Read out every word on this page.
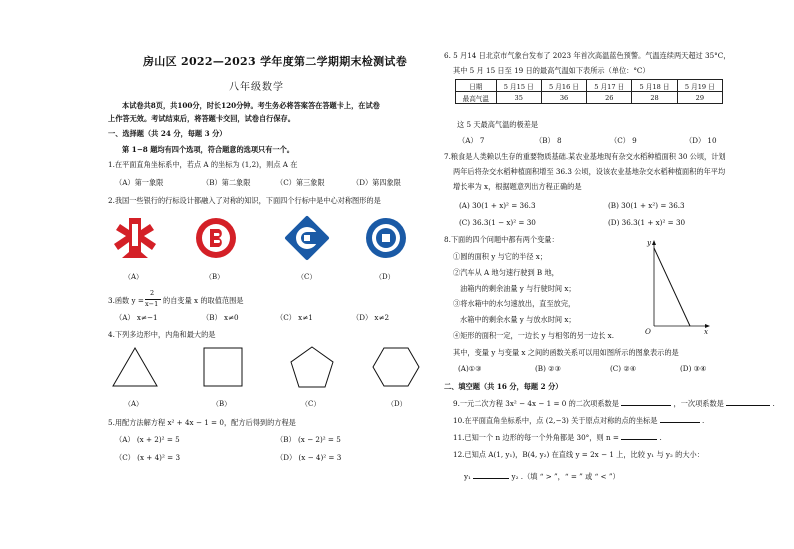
房山区 2022—2023 学年度第二学期期末检测试卷
八年级数学
本试卷共8页，共100分，时长120分钟。考生务必将答案答在答题卡上，在试卷
上作答无效。考试结束后，将答题卡交回，试卷自行保存。
一、选择题（共 24 分，每题 3 分）
第 1−8 题均有四个选项，符合题意的选项只有一个。
1.在平面直角坐标系中，若点 A 的坐标为 (1,2)，则点 A 在
（A）第一象限	（B）第二象限	（C）第三象限	（D）第四象限
2.我国一些银行的行标设计都融入了对称的知识，下面四个行标中是中心对称图形的是
（A）	（B）	（C）	（D）
3.函数 y =
2
x−1 的自变量 x 的取值范围是
（A） x≠−1	（B） x≠0	（C） x≠1	（D） x≠2
4.下列多边形中，内角和最大的是
（A）	（B）	（C）	（D）
5.用配方法解方程 x² + 4x − 1 = 0，配方后得到的方程是
（A） (x + 2)² = 5	（B） (x − 2)² = 5
（C） (x + 4)² = 3	（D） (x − 4)² = 3
6. 5 月14 日北京市气象台发布了 2023 年首次高温蓝色预警。气温连续两天超过 35°C，
其中 5 月 15 日至 19 日的最高气温如下表所示（单位：°C）
日期	5 月15 日	5 月16 日	5 月17 日	5 月18 日	5 月19 日
最高气温	35	36	26	28	29
这 5 天最高气温的极差是
（A） 7	（B） 8	（C） 9	（D） 10
7.粮食是人类赖以生存的重要物质基础.某农业基地现有杂交水稻种植面积 30 公顷，计划
两年后将杂交水稻种植面积增至 36.3 公顷，设该农业基地杂交水稻种植面积的年平均
增长率为 x，根据题意列出方程正确的是
(A) 30(1 + x)² = 36.3	(B) 30(1 + x²) = 36.3
(C) 36.3(1 − x)² = 30	(D) 36.3(1 + x)² = 30
8.下面的四个问题中都有两个变量：
①圆的面积 y 与它的半径 x；
②汽车从 A 地匀速行驶到 B 地，
油箱内的剩余油量 y 与行驶时间 x；
③将水箱中的水匀速放出，直至放完，
水箱中的剩余水量 y 与放水时间 x；
④矩形的面积一定，一边长 y 与相邻的另一边长 x.
y
x
O
其中，变量 y 与变量 x 之间的函数关系可以用如图所示的图象表示的是
(A)①③	(B) ②③	(C) ②④	(D) ③④
二、填空题（共 16 分，每题 2 分）
9.一元二次方程 3x² − 4x − 1 = 0 的二次项系数是	，一次项系数是	.
10.在平面直角坐标系中，点 (2,−3) 关于原点对称的点的坐标是	.
11.已知一个 n 边形的每一个外角都是 30°，则 n =	.
12.已知点 A(1, y₁)，B(4, y₂) 在直线 y = 2x − 1 上，比较 y₁ 与 y₂ 的大小：
y₁	y₂ .（填 “ > ”，“ = ” 或 “ < ”）
